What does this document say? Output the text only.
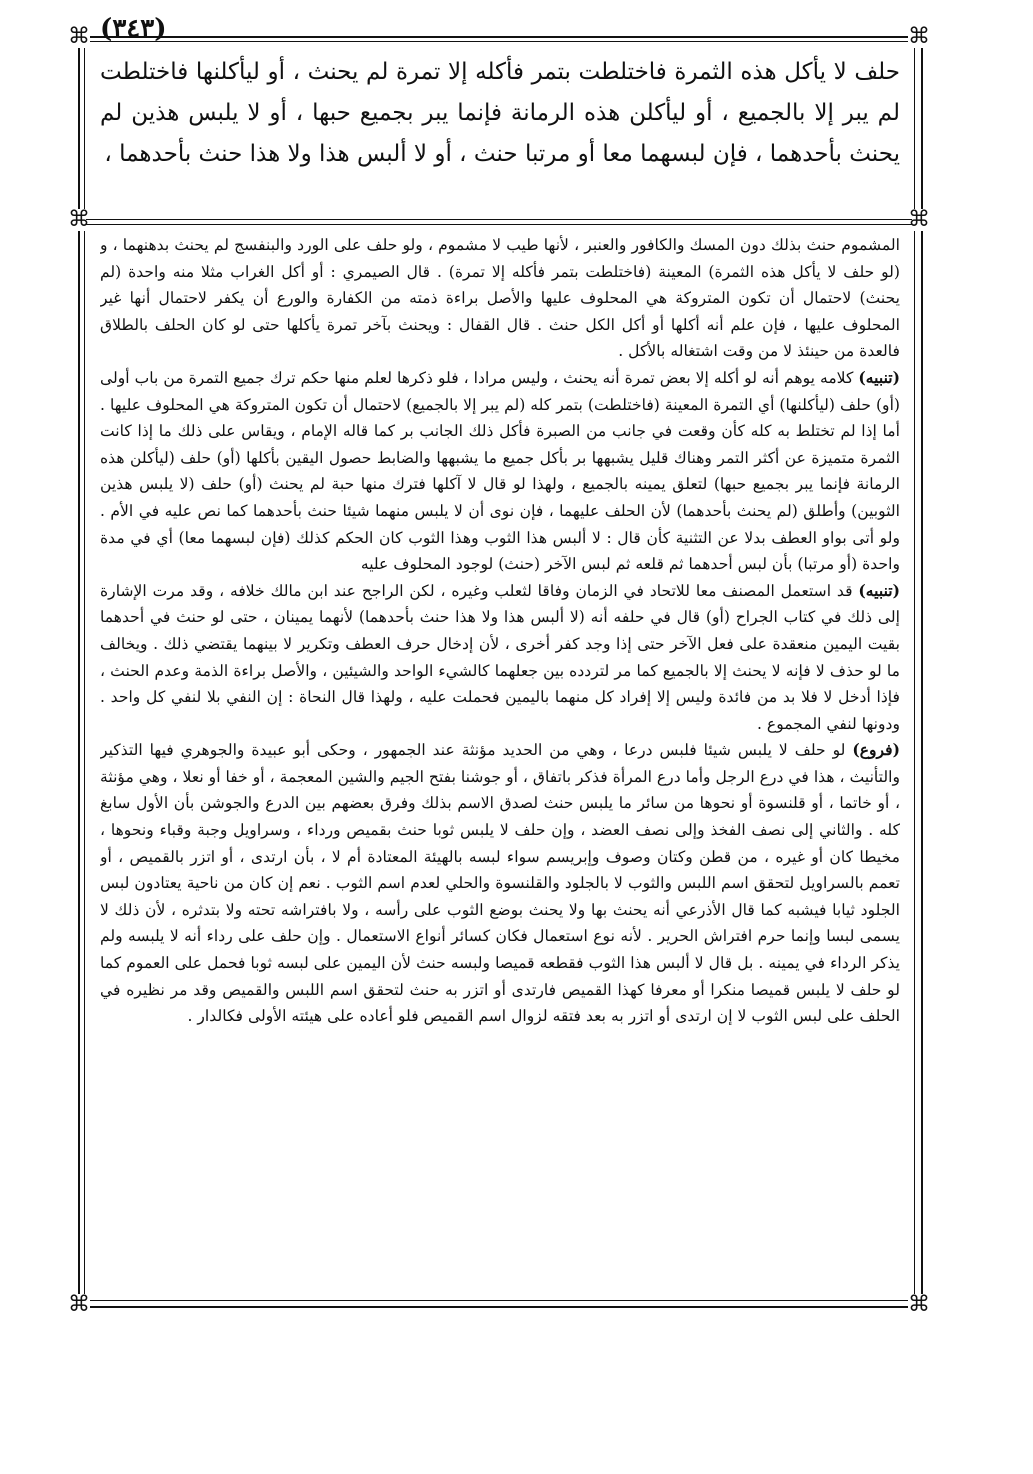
(٣٤٣)
⌘	⌘
⌘	⌘
⌘	⌘
حلف لا يأكل هذه الثمرة فاختلطت بتمر فأكله إلا تمرة لم يحنث ، أو ليأكلنها فاختلطت لم يبر إلا بالجميع ، أو ليأكلن هذه الرمانة فإنما يبر بجميع حبها ، أو لا يلبس هذين لم يحنث بأحدهما ، فإن لبسهما معا أو مرتبا حنث ، أو لا ألبس هذا ولا هذا حنث بأحدهما ،

المشموم حنث بذلك دون المسك والكافور والعنبر ، لأنها طيب لا مشموم ، ولو حلف على الورد والبنفسج لم يحنث بدهنهما ، و (لو حلف لا يأكل هذه الثمرة) المعينة (فاختلطت بتمر فأكله إلا تمرة) . قال الصيمري : أو أكل الغراب مثلا منه واحدة (لم يحنث) لاحتمال أن تكون المتروكة هي المحلوف عليها والأصل براءة ذمته من الكفارة والورع أن يكفر لاحتمال أنها غير المحلوف عليها ، فإن علم أنه أكلها أو أكل الكل حنث . قال القفال : ويحنث بآخر تمرة يأكلها حتى لو كان الحلف بالطلاق فالعدة من حينئذ لا من وقت اشتغاله بالأكل .

(تنبيه) كلامه يوهم أنه لو أكله إلا بعض تمرة أنه يحنث ، وليس مرادا ، فلو ذكرها لعلم منها حكم ترك جميع التمرة من باب أولى (أو) حلف (ليأكلنها) أي التمرة المعينة (فاختلطت) بتمر كله (لم يبر إلا بالجميع) لاحتمال أن تكون المتروكة هي المحلوف عليها . أما إذا لم تختلط به كله كأن وقعت في جانب من الصبرة فأكل ذلك الجانب بر كما قاله الإمام ، ويقاس على ذلك ما إذا كانت الثمرة متميزة عن أكثر التمر وهناك قليل يشبهها بر بأكل جميع ما يشبهها والضابط حصول اليقين بأكلها (أو) حلف (ليأكلن هذه الرمانة فإنما يبر بجميع حبها) لتعلق يمينه بالجميع ، ولهذا لو قال لا آكلها فترك منها حبة لم يحنث (أو) حلف (لا يلبس هذين الثوبين) وأطلق (لم يحنث بأحدهما) لأن الحلف عليهما ، فإن نوى أن لا يلبس منهما شيئا حنث بأحدهما كما نص عليه في الأم . ولو أتى بواو العطف بدلا عن التثنية كأن قال : لا ألبس هذا الثوب وهذا الثوب كان الحكم كذلك (فإن لبسهما معا) أي في مدة واحدة (أو مرتبا) بأن لبس أحدهما ثم قلعه ثم لبس الآخر (حنث) لوجود المحلوف عليه

(تنبيه) قد استعمل المصنف معا للاتحاد في الزمان وفاقا لثعلب وغيره ، لكن الراجح عند ابن مالك خلافه ، وقد مرت الإشارة إلى ذلك في كتاب الجراح (أو) قال في حلفه أنه (لا ألبس هذا ولا هذا حنث بأحدهما) لأنهما يمينان ، حتى لو حنث في أحدهما بقيت اليمين منعقدة على فعل الآخر حتى إذا وجد كفر أخرى ، لأن إدخال حرف العطف وتكرير لا بينهما يقتضي ذلك . ويخالف ما لو حذف لا فإنه لا يحنث إلا بالجميع كما مر لتردده بين جعلهما كالشيء الواحد والشيئين ، والأصل براءة الذمة وعدم الحنث ، فإذا أدخل لا فلا بد من فائدة وليس إلا إفراد كل منهما باليمين فحملت عليه ، ولهذا قال النحاة : إن النفي بلا لنفي كل واحد . ودونها لنفي المجموع .

(فروع) لو حلف لا يلبس شيئا فلبس درعا ، وهي من الحديد مؤنثة عند الجمهور ، وحكى أبو عبيدة والجوهري فيها التذكير والتأنيث ، هذا في درع الرجل وأما درع المرأة فذكر باتفاق ، أو جوشنا بفتح الجيم والشين المعجمة ، أو خفا أو نعلا ، وهي مؤنثة ، أو خاتما ، أو قلنسوة أو نحوها من سائر ما يلبس حنث لصدق الاسم بذلك وفرق بعضهم بين الدرع والجوشن بأن الأول سابغ كله . والثاني إلى نصف الفخذ وإلى نصف العضد ، وإن حلف لا يلبس ثوبا حنث بقميص ورداء ، وسراويل وجبة وقباء ونحوها ، مخيطا كان أو غيره ، من قطن وكتان وصوف وإبريسم سواء لبسه بالهيئة المعتادة أم لا ، بأن ارتدى ، أو اتزر بالقميص ، أو تعمم بالسراويل لتحقق اسم اللبس والثوب لا بالجلود والقلنسوة والحلي لعدم اسم الثوب . نعم إن كان من ناحية يعتادون لبس الجلود ثيابا فيشبه كما قال الأذرعي أنه يحنث بها ولا يحنث بوضع الثوب على رأسه ، ولا بافتراشه تحته ولا بتدثره ، لأن ذلك لا يسمى لبسا وإنما حرم افتراش الحرير . لأنه نوع استعمال فكان كسائر أنواع الاستعمال . وإن حلف على رداء أنه لا يلبسه ولم يذكر الرداء في يمينه . بل قال لا ألبس هذا الثوب فقطعه قميصا ولبسه حنث لأن اليمين على لبسه ثوبا فحمل على العموم كما لو حلف لا يلبس قميصا منكرا أو معرفا كهذا القميص فارتدى أو اتزر به حنث لتحقق اسم اللبس والقميص وقد مر نظيره في الحلف على لبس الثوب لا إن ارتدى أو اتزر به بعد فتقه لزوال اسم القميص فلو أعاده على هيئته الأولى فكالدار .
